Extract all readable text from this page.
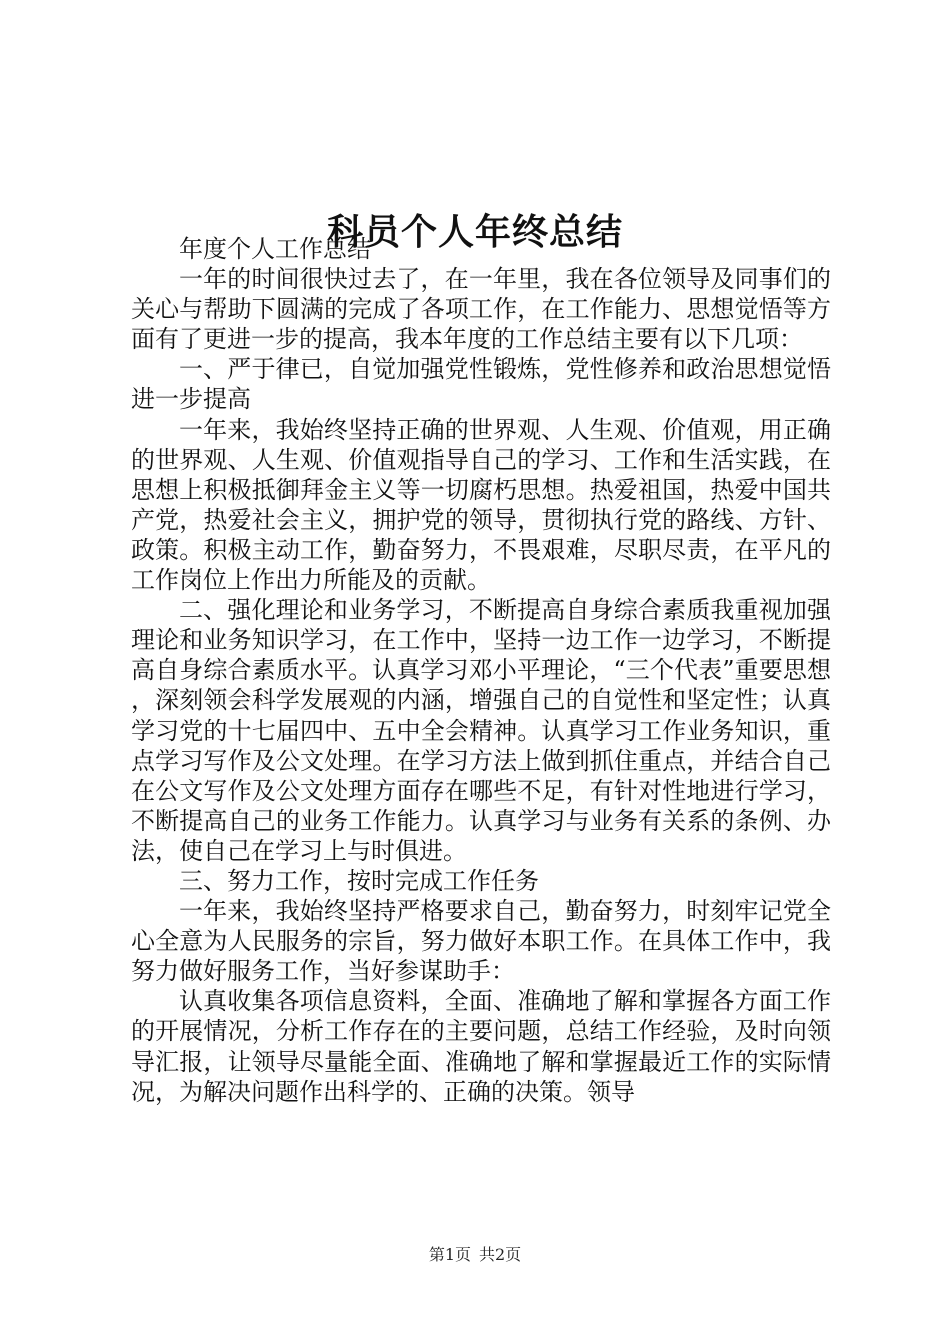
科员个人年终总结

年度个人工作总结

一年的时间很快过去了，在一年里，我在各位领导及同事们的关心与帮助下圆满的完成了各项工作，在工作能力、思想觉悟等方面有了更进一步的提高，我本年度的工作总结主要有以下几项：

一、严于律已，自觉加强党性锻炼，党性修养和政治思想觉悟进一步提高

一年来，我始终坚持正确的世界观、人生观、价值观，用正确的世界观、人生观、价值观指导自己的学习、工作和生活实践，在思想上积极抵御拜金主义等一切腐朽思想。热爱祖国，热爱中国共产党，热爱社会主义，拥护党的领导，贯彻执行党的路线、方针、政策。积极主动工作，勤奋努力，不畏艰难，尽职尽责，在平凡的工作岗位上作出力所能及的贡献。

二、强化理论和业务学习，不断提高自身综合素质我重视加强理论和业务知识学习，在工作中，坚持一边工作一边学习，不断提高自身综合素质水平。认真学习邓小平理论，“三个代表”重要思想，深刻领会科学发展观的内涵，增强自己的自觉性和坚定性；认真学习党的十七届四中、五中全会精神。认真学习工作业务知识，重点学习写作及公文处理。在学习方法上做到抓住重点，并结合自己在公文写作及公文处理方面存在哪些不足，有针对性地进行学习，不断提高自己的业务工作能力。认真学习与业务有关系的条例、办法，使自己在学习上与时俱进。

三、努力工作，按时完成工作任务

一年来，我始终坚持严格要求自己，勤奋努力，时刻牢记党全心全意为人民服务的宗旨，努力做好本职工作。在具体工作中，我努力做好服务工作，当好参谋助手：

认真收集各项信息资料，全面、准确地了解和掌握各方面工作的开展情况，分析工作存在的主要问题，总结工作经验，及时向领导汇报，让领导尽量能全面、准确地了解和掌握最近工作的实际情况，为解决问题作出科学的、正确的决策。领导

第1页 共2页
